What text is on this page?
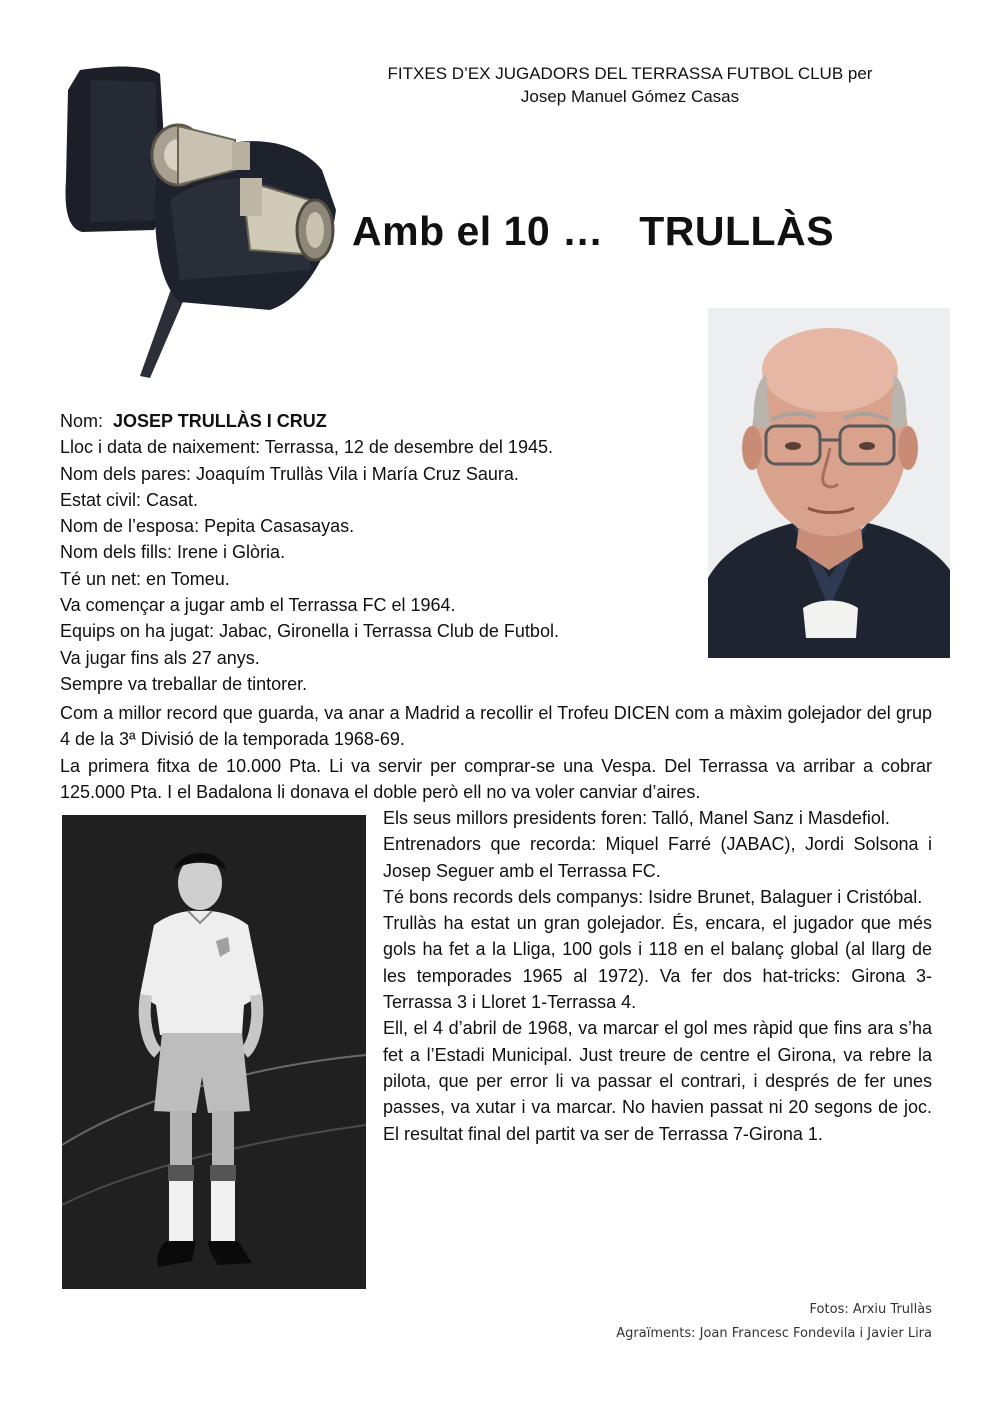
FITXES D’EX JUGADORS DEL TERRASSA FUTBOL CLUB per
Josep Manuel Gómez Casas
Amb el 10 …   TRULLÀS

Nom: JOSEP TRULLÀS I CRUZ

Lloc i data de naixement: Terrassa, 12 de desembre del 1945.

Nom dels pares: Joaquím Trullàs Vila i María Cruz Saura.

Estat civil: Casat.

Nom de l’esposa: Pepita Casasayas.

Nom dels fills: Irene i Glòria.

Té un net: en Tomeu.

Va començar a jugar amb el Terrassa FC el 1964.

Equips on ha jugat: Jabac, Gironella i Terrassa Club de Futbol.

Va jugar fins als 27 anys.

Sempre va treballar de tintorer.

Com a millor record que guarda, va anar a Madrid a recollir el Trofeu DICEN com a màxim golejador del grup 4 de la 3ª Divisió de la temporada 1968-69.

La primera fitxa de 10.000 Pta. Li va servir per comprar-se una Vespa. Del Terrassa va arribar a cobrar 125.000 Pta. I el Badalona li donava el doble però ell no va voler canviar d’aires.

Els seus millors presidents foren: Talló, Manel Sanz i Masdefiol.

Entrenadors que recorda: Miquel Farré (JABAC), Jordi Solsona i Josep Seguer amb el Terrassa FC.

Té bons records dels companys: Isidre Brunet, Balaguer i Cristóbal.

Trullàs ha estat un gran golejador. És, encara, el jugador que més gols ha fet a la Lliga, 100 gols i 118 en el balanç global (al llarg de les temporades 1965 al 1972). Va fer dos hat-tricks: Girona 3-Terrassa 3 i Lloret 1-Terrassa 4.

Ell, el 4 d’abril de 1968, va marcar el gol mes ràpid que fins ara s’ha fet a l’Estadi Municipal. Just treure de centre el Girona, va rebre la pilota, que per error li va passar el contrari, i després de fer unes passes, va xutar i va marcar. No havien passat ni 20 segons de joc. El resultat final del partit va ser de Terrassa 7-Girona 1.

Fotos: Arxiu Trullàs
Agraïments: Joan Francesc Fondevila i Javier Lira
